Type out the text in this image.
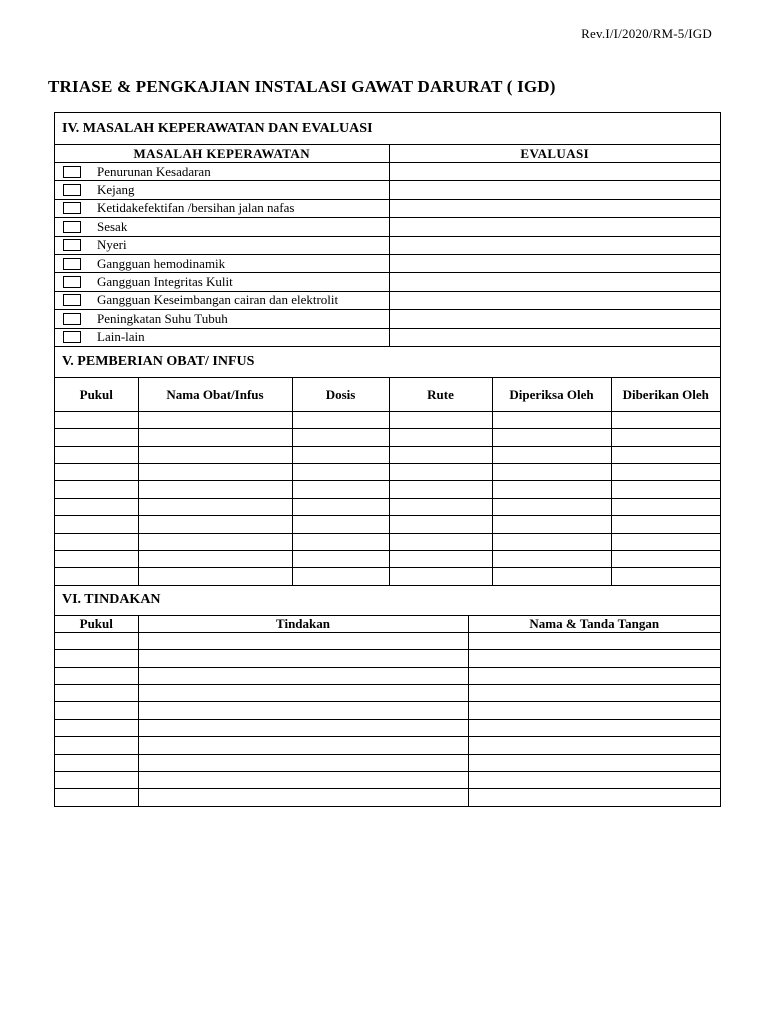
Rev.I/I/2020/RM-5/IGD
TRIASE & PENGKAJIAN INSTALASI GAWAT DARURAT ( IGD)
IV. MASALAH KEPERAWATAN DAN EVALUASI
MASALAH KEPERAWATAN	EVALUASI

Penurunan Kesadaran	

Kejang	

Ketidakefektifan /bersihan jalan nafas	

Sesak	

Nyeri	

Gangguan hemodinamik	

Gangguan Integritas Kulit	

Gangguan Keseimbangan cairan dan elektrolit	

Peningkatan Suhu Tubuh	

Lain-lain	

V. PEMBERIAN OBAT/ INFUS
Pukul	Nama Obat/Infus	Dosis	Rute	Diperiksa Oleh	Diberikan Oleh

VI. TINDAKAN
Pukul	Tindakan	Nama & Tanda Tangan
